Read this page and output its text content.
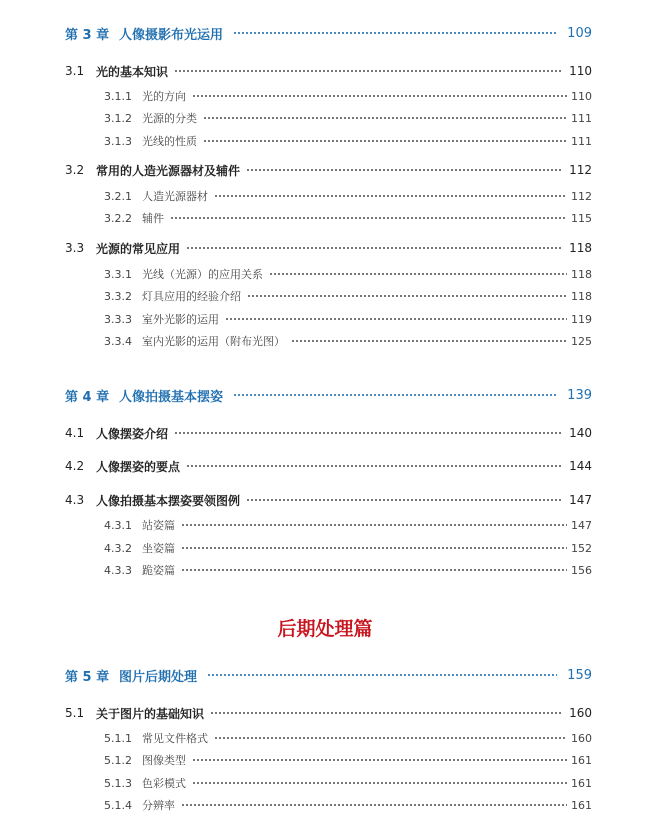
第 3 章 人像摄影布光运用	109
3.1 光的基本知识	110
3.1.1 光的方向	110
3.1.2 光源的分类	111
3.1.3 光线的性质	111
3.2 常用的人造光源器材及辅件	112
3.2.1 人造光源器材	112
3.2.2 辅件	115
3.3 光源的常见应用	118
3.3.1 光线（光源）的应用关系	118
3.3.2 灯具应用的经验介绍	118
3.3.3 室外光影的运用	119
3.3.4 室内光影的运用（附布光图）	125
第 4 章 人像拍摄基本摆姿	139
4.1 人像摆姿介绍	140
4.2 人像摆姿的要点	144
4.3 人像拍摄基本摆姿要领图例	147
4.3.1 站姿篇	147
4.3.2 坐姿篇	152
4.3.3 跪姿篇	156
后期处理篇
第 5 章 图片后期处理	159
5.1 关于图片的基础知识	160
5.1.1 常见文件格式	160
5.1.2 图像类型	161
5.1.3 色彩模式	161
5.1.4 分辨率	161
